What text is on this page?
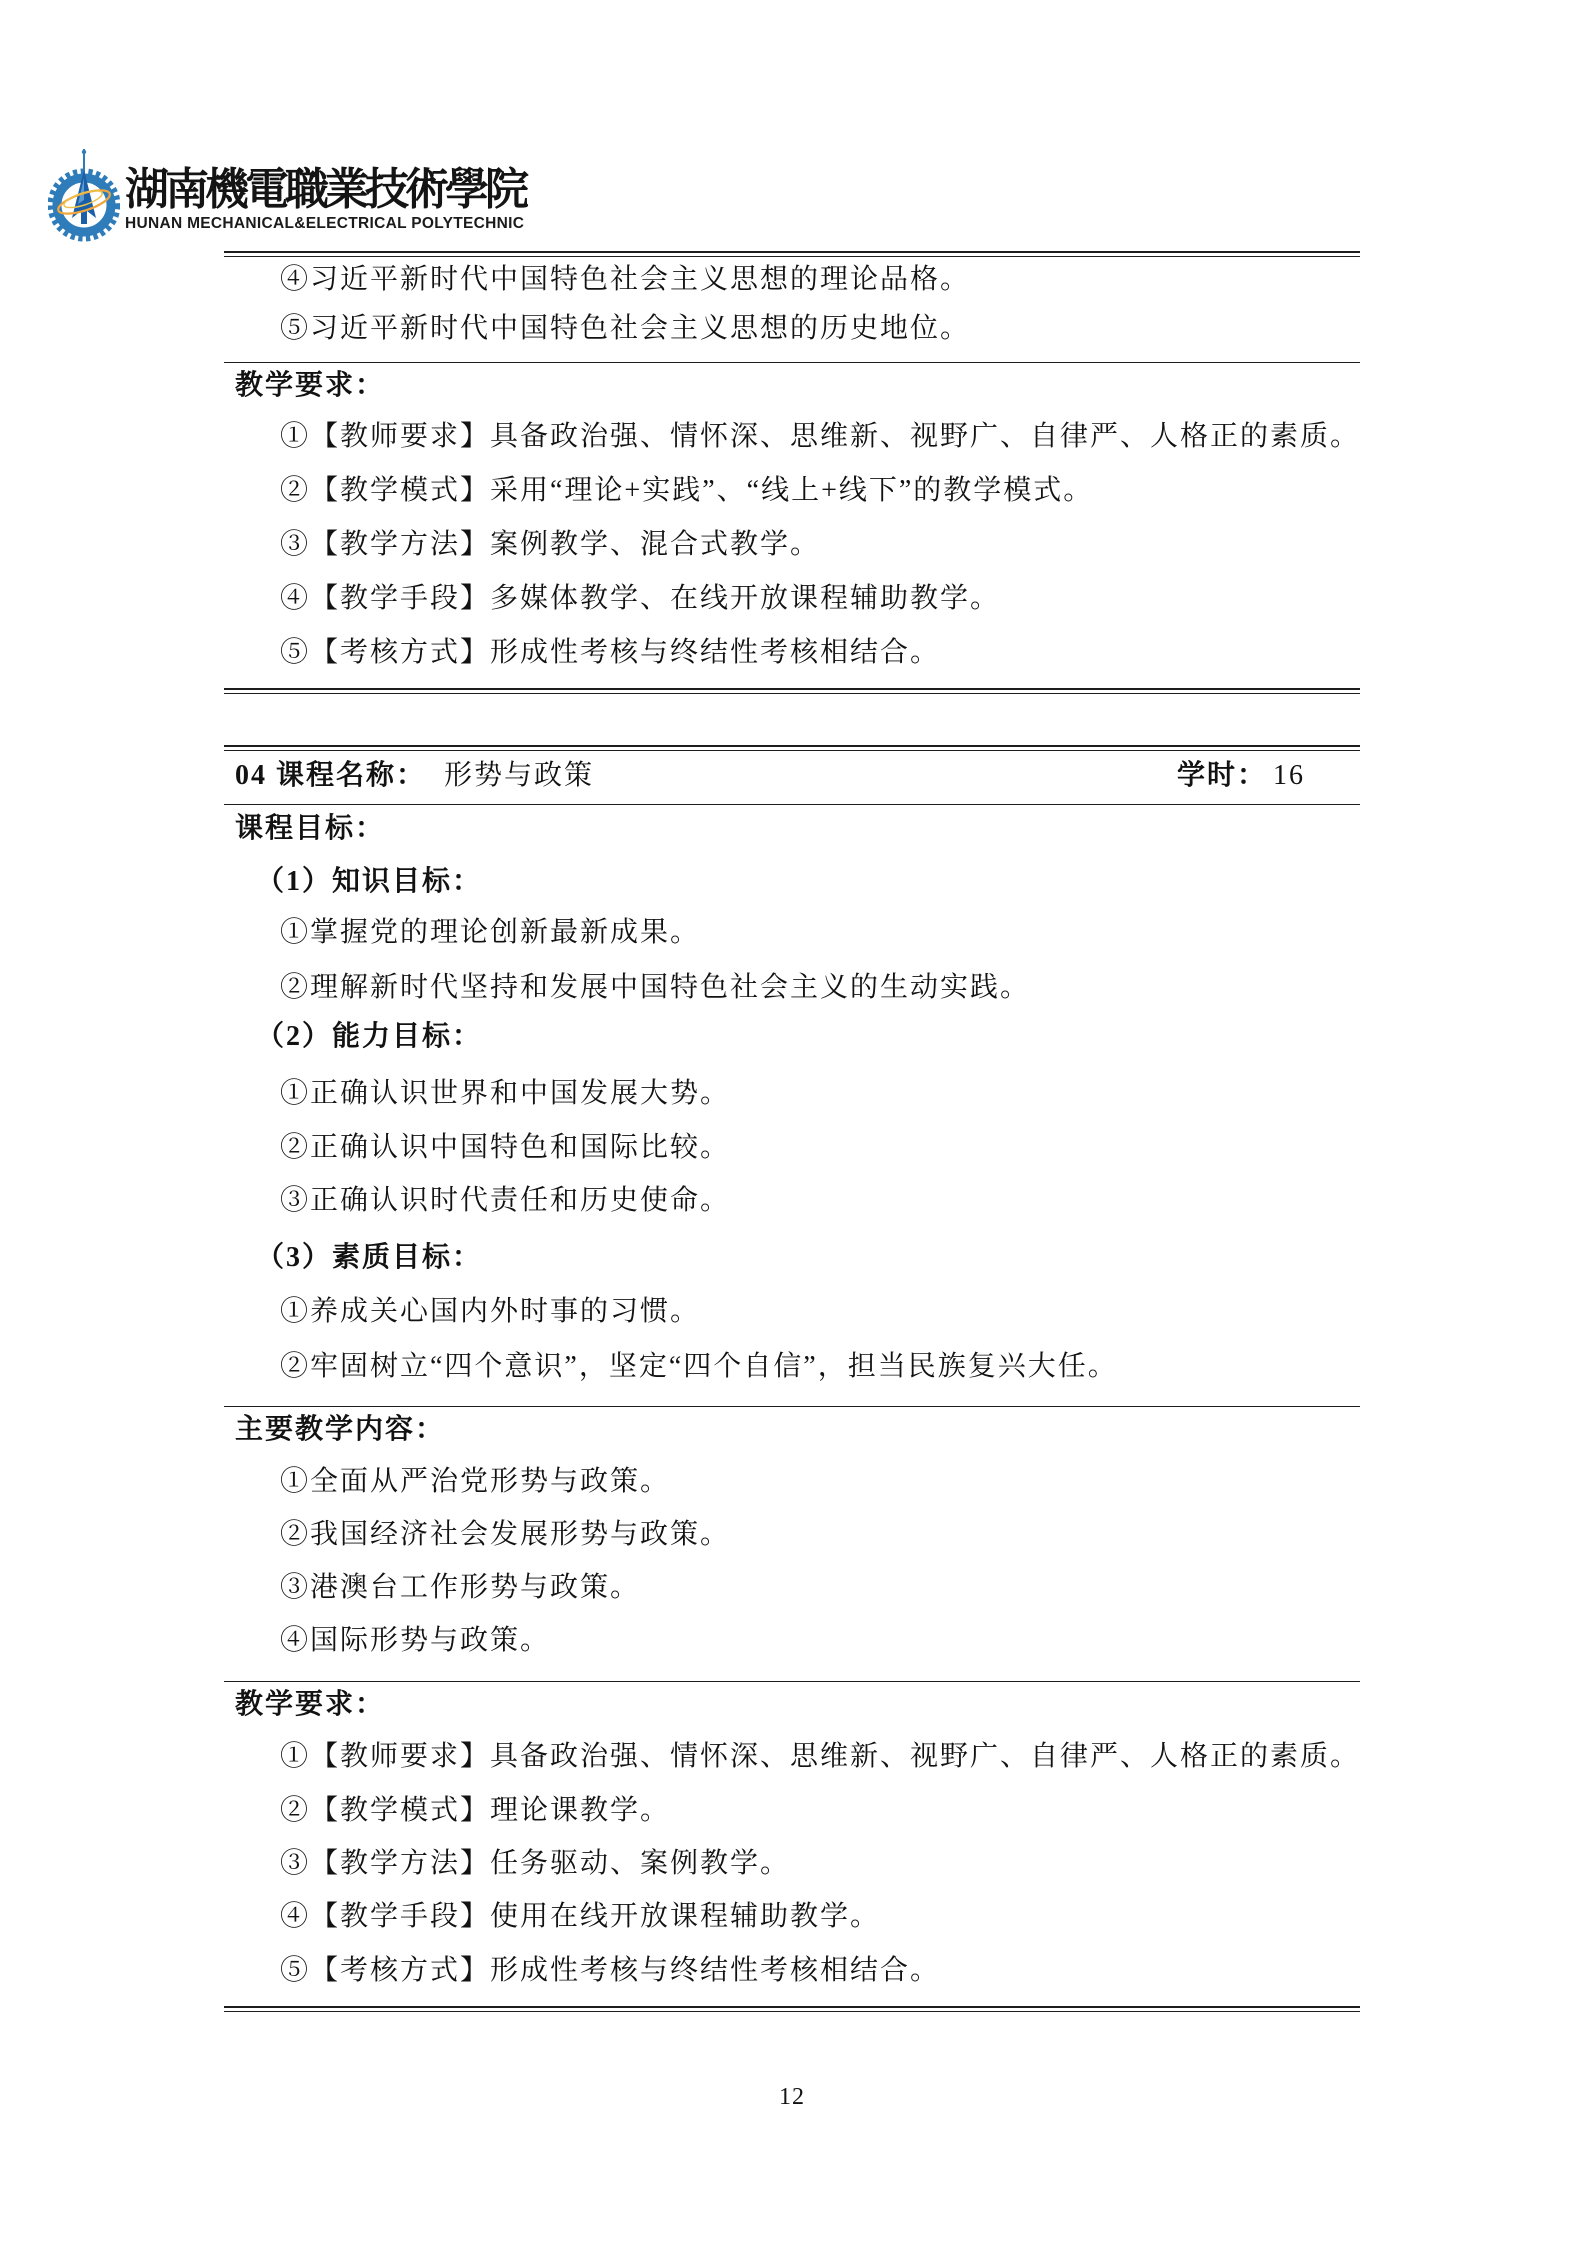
湖南機電職業技術學院
HUNAN MECHANICAL&ELECTRICAL POLYTECHNIC

④习近平新时代中国特色社会主义思想的理论品格。

⑤习近平新时代中国特色社会主义思想的历史地位。

教学要求：

①【教师要求】具备政治强、情怀深、思维新、视野广、自律严、人格正的素质。

②【教学模式】采用“理论+实践”、“线上+线下”的教学模式。

③【教学方法】案例教学、混合式教学。

④【教学手段】多媒体教学、在线开放课程辅助教学。

⑤【考核方式】形成性考核与终结性考核相结合。

04 课程名称： 形势与政策	学时： 16

课程目标：

（1）知识目标：

①掌握党的理论创新最新成果。

②理解新时代坚持和发展中国特色社会主义的生动实践。

（2）能力目标：

①正确认识世界和中国发展大势。

②正确认识中国特色和国际比较。

③正确认识时代责任和历史使命。

（3）素质目标：

①养成关心国内外时事的习惯。

②牢固树立“四个意识”，坚定“四个自信”，担当民族复兴大任。

主要教学内容：

①全面从严治党形势与政策。

②我国经济社会发展形势与政策。

③港澳台工作形势与政策。

④国际形势与政策。

教学要求：

①【教师要求】具备政治强、情怀深、思维新、视野广、自律严、人格正的素质。

②【教学模式】理论课教学。

③【教学方法】任务驱动、案例教学。

④【教学手段】使用在线开放课程辅助教学。

⑤【考核方式】形成性考核与终结性考核相结合。

12
